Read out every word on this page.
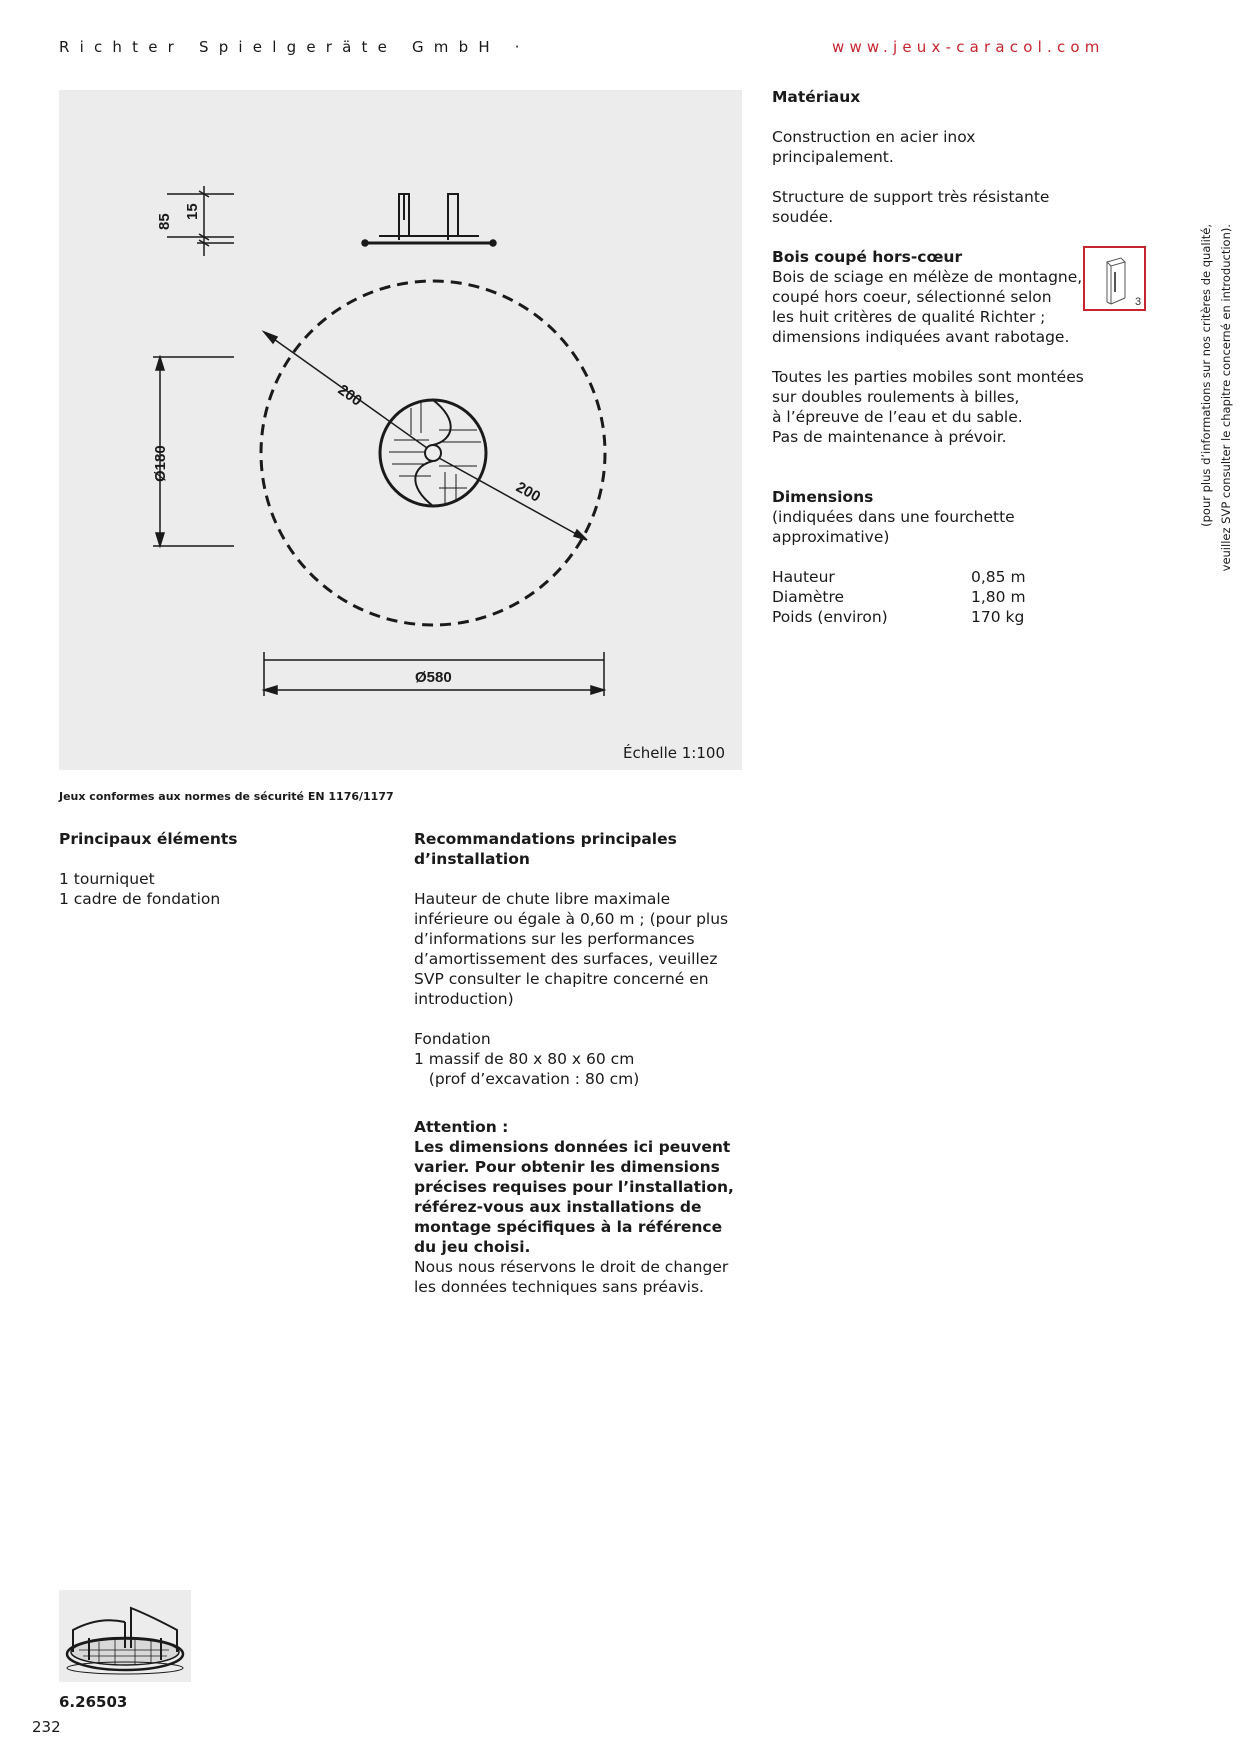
Richter Spielgeräte GmbH ·	www.jeux-caracol.com
85
15
200
200
Ø180
Ø580
Échelle 1:100
Jeux conformes aux normes de sécurité EN 1176/1177
Principaux éléments
1 tourniquet
1 cadre de fondation
Recommandations principales
d’installation
Hauteur de chute libre maximale
inférieure ou égale à 0,60 m ; (pour plus
d’informations sur les performances
d’amortissement des surfaces, veuillez
SVP consulter le chapitre concerné en
introduction)
Fondation
1 massif de 80 x 80 x 60 cm
(prof d’excavation : 80 cm)
Attention :
Les dimensions données ici peuvent
varier. Pour obtenir les dimensions
précises requises pour l’installation,
référez-vous aux installations de
montage spécifiques à la référence
du jeu choisi.
Nous nous réservons le droit de changer
les données techniques sans préavis.
Matériaux
Construction en acier inox
principalement.
Structure de support très résistante
soudée.
Bois coupé hors-cœur
Bois de sciage en mélèze de montagne,
coupé hors coeur, sélectionné selon
les huit critères de qualité Richter ;
dimensions indiquées avant rabotage.
Toutes les parties mobiles sont montées
sur doubles roulements à billes,
à l’épreuve de l’eau et du sable.
Pas de maintenance à prévoir.
Dimensions
(indiquées dans une fourchette
approximative)
Hauteur	0,85 m
Diamètre	1,80 m
Poids (environ)	170 kg
3	(pour plus d’informations sur nos critères de qualité, veuillez SVP consulter le chapitre concerné en introduction).
6.26503
232
